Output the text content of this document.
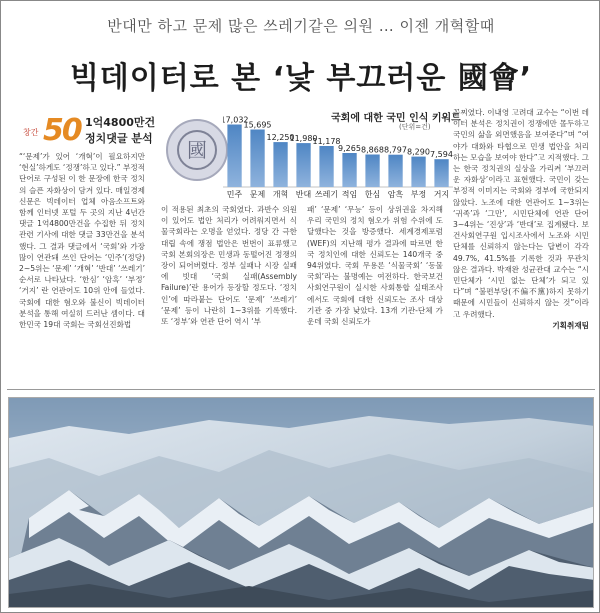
반대만 하고 문제 많은 쓰레기같은 의원 … 이젠 개혁할때
빅데이터로 본 ‘낯 부끄러운 國會’
창간 50 1억4800만건
정치댓글 분석	國
국회에 대한 국민 인식 키워드
(단위=건)
17,032
민주
15,695
문제
12,250
개혁
11,980
반대
11,178
쓰레기
9,265
적임
8,868
한심
8,797
암흑
8,290
부정
7,594
거지

“‘문제’가 있어 ‘개혁’이 필요하지만 ‘현실’하게도 ‘정쟁’하고 있다.” 부정적 단어로 구성된 이 한 문장에 한국 정치의 슬픈 자화상이 담겨 있다. 매일경제신문은 빅데이터 업체 아음소프트와 함께 인터넷 포털 두 곳의 지난 4년간 댓글 1억4800만건을 수집한 뒤 정치 관련 기사에 대한 댓글 33만건을 분석했다. 그 결과 댓글에서 ‘국회’와 가장 많이 연관돼 쓰인 단어는 ‘민주’(정당) 2~5위는 ‘문제’ ‘개혁’ ‘반대’ ‘쓰레기’ 순서로 나타났다. ‘한심’ ‘암흑’ ‘부정’ ‘거지’ 란 연관어도 10위 안에 들었다. 국회에 대한 혐오와 불신이 빅데이터 분석을 통해 여실히 드러난 셈이다. 대한민국 19대 국회는 국회선진화법

이 적용된 최초의 국회였다. 과반수 의원이 있어도 법안 처리가 어려워지면서 식물국회라는 오명을 얻었다. 정당 간 극한 대립 속에 쟁점 법안은 번번이 표류했고 국회 본회의장은 민생과 동떨어진 정쟁의 장이 되어버렸다. 정부 실패나 시장 실패에 빗대 ‘국회 실패(Assembly Failure)’란 용어가 등장할 정도다. ‘정치인’에 따라붙는 단어도 ‘문제’ ‘쓰레기’ ‘문제’ 등이 나란히 1~3위를 기록했다. 또 ‘정부’와 연관 단어 역시 ‘부

패’ ‘문제’ ‘무능’ 등이 상위권을 차지해 우리 국민의 정치 혐오가 위험 수위에 도달했다는 것을 방증했다. 세계경제포럼(WEF)의 지난해 평가 결과에 따르면 한국 정치인에 대한 신뢰도는 140개국 중 94위였다. 국회 무용론 ‘식물국회’ ‘동물국회’라는 불명예는 여전하다. 한국보건사회연구원이 실시한 사회통합 실태조사에서도 국회에 대한 신뢰도는 조사 대상 기관 중 가장 낮았다. 13개 기관-단체 가운데 국회 신뢰도가

꼴찌였다. 이내영 고려대 교수는 “이번 데이터 분석은 정치권이 정쟁에만 몰두하고 국민의 삶을 외면했음을 보여준다”며 “여야가 대화와 타협으로 민생 법안을 처리하는 모습을 보여야 한다”고 지적했다. 그는 한국 정치권의 실상을 가리켜 ‘부끄러운 자화상’이라고 표현했다. 국민이 갖는 부정적 이미지는 국회와 정부에 국한되지 않았다. 노조에 대한 연관어도 1~3위는 ‘귀족’과 ‘그만’, 시민단체에 연관 단어 3~4위는 ‘진상’과 ‘반대’로 집계됐다. 보건사회연구원 입시조사에서 노조와 시민단체를 신뢰하지 않는다는 답변이 각각 49.7%, 41.5%를 기록한 것과 무관치 않은 결과다. 박재완 성균관대 교수는 “시민단체가 ‘시민 없는 단체’가 되고 있다”며 “불편부당(不偏不黨)하지 못하기 때문에 시민들이 신뢰하지 않는 것”이라고 우려했다.

기획취재팀
